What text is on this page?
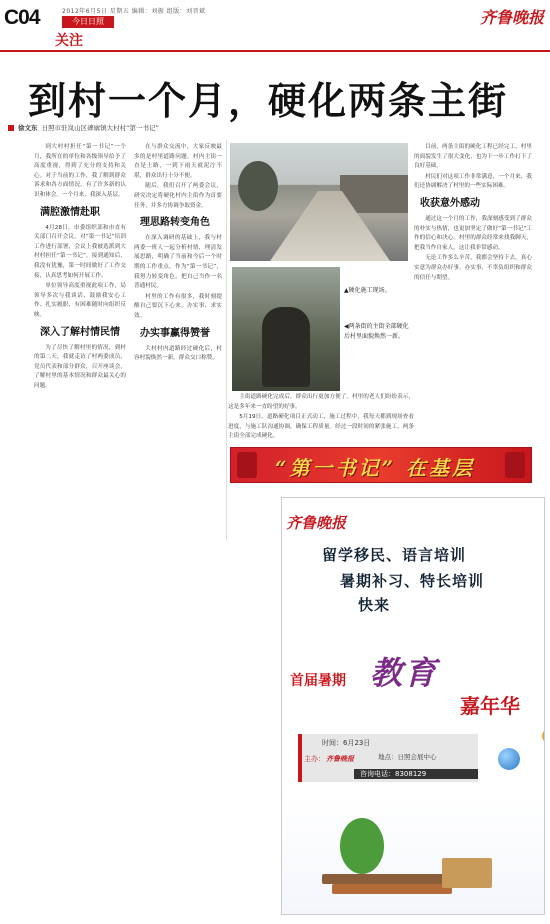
C04	2012年6月5日 星期五 编辑：刘振 组版：刘晋斌
今日日照
关注
齐鲁晚报
到村一个月，硬化两条主街
徐文东 日照市驻岚山区碑廓镇大村村“第一书记”

到大村村担任“第一书记”一个月，我所在的单位和各级领导给予了高度重视，得到了充分的支持和关心。对于当前的工作，我了解到群众诉求和各方面情况，有了许多新的认识和体会。一个月来，我深入基层。

满腔激情赴职

4月28日，市委组织部和市直有关部门召开会议，对“第一书记”培训工作进行部署，会议上我被选派到大村村担任“第一书记”。接到通知后，我没有犹豫，第一时间做好了工作交接，认真思考如何开展工作。

单位领导高度重视此项工作，局领导多次与我谈话，鼓励我安心工作、扎实履职，有困难随时向组织反映。

深入了解村情民情

为了尽快了解村里的情况，到村的第二天，我就走访了村两委成员、党员代表和部分群众，召开座谈会，了解村里的基本情况和群众最关心的问题。

在与群众交流中，大家反映最多的是村里道路问题。村内主街一直是土路，一到下雨天就泥泞不堪，群众出行十分不便。

随后，我们召开了两委会议，研究决定将硬化村内主街作为首要任务，并多方协调争取资金。

理思路转变角色

在深入调研的基础上，我与村两委一班人一起分析村情，理清发展思路，明确了当前和今后一个时期的工作重点。作为“第一书记”，我努力转变角色，把自己当作一名普通村民。

村里的工作有很多，我时刻提醒自己要沉下心来，办实事、求实效。

办实事赢得赞誉

大村村内道路经过硬化后，村容村貌焕然一新，群众交口称赞。

▲硬化施工现场。
◀两条街的主街全部硬化后村里面貌焕然一新。

主街道路硬化完成后，群众出行更加方便了。村里的老人们纷纷表示，这是多年来一直盼望的好事。

5月19日，道路硬化项目正式动工，施工过程中，我每天都到现场查看进度，与施工队沟通协调，确保工程质量。经过一段时间的紧张施工，两条主街全部完成硬化。

目前，两条主街的硬化工程已经完工，村里的面貌发生了很大变化，也为下一步工作打下了良好基础。

村民们对这项工作非常满意，一个月来，我们还协调解决了村里的一些实际困难。

收获意外感动

通过这一个月的工作，我深刻感受到了群众的朴实与热情，也更加坚定了做好“第一书记”工作的信心和决心。村里的群众经常来找我聊天，把我当作自家人，这让我非常感动。

无论工作多么辛苦，我都会坚持下去，真心实意为群众办好事、办实事，不辜负组织和群众的信任与期望。

“第一书记” 在基层
齐鲁晚报
留学移民、语言培训
暑期补习、特长培训
快来
首届暑期 教育
嘉年华
时间：6月23日
地点：日照会展中心
主办： 齐鲁晚报
咨询电话：8308129
